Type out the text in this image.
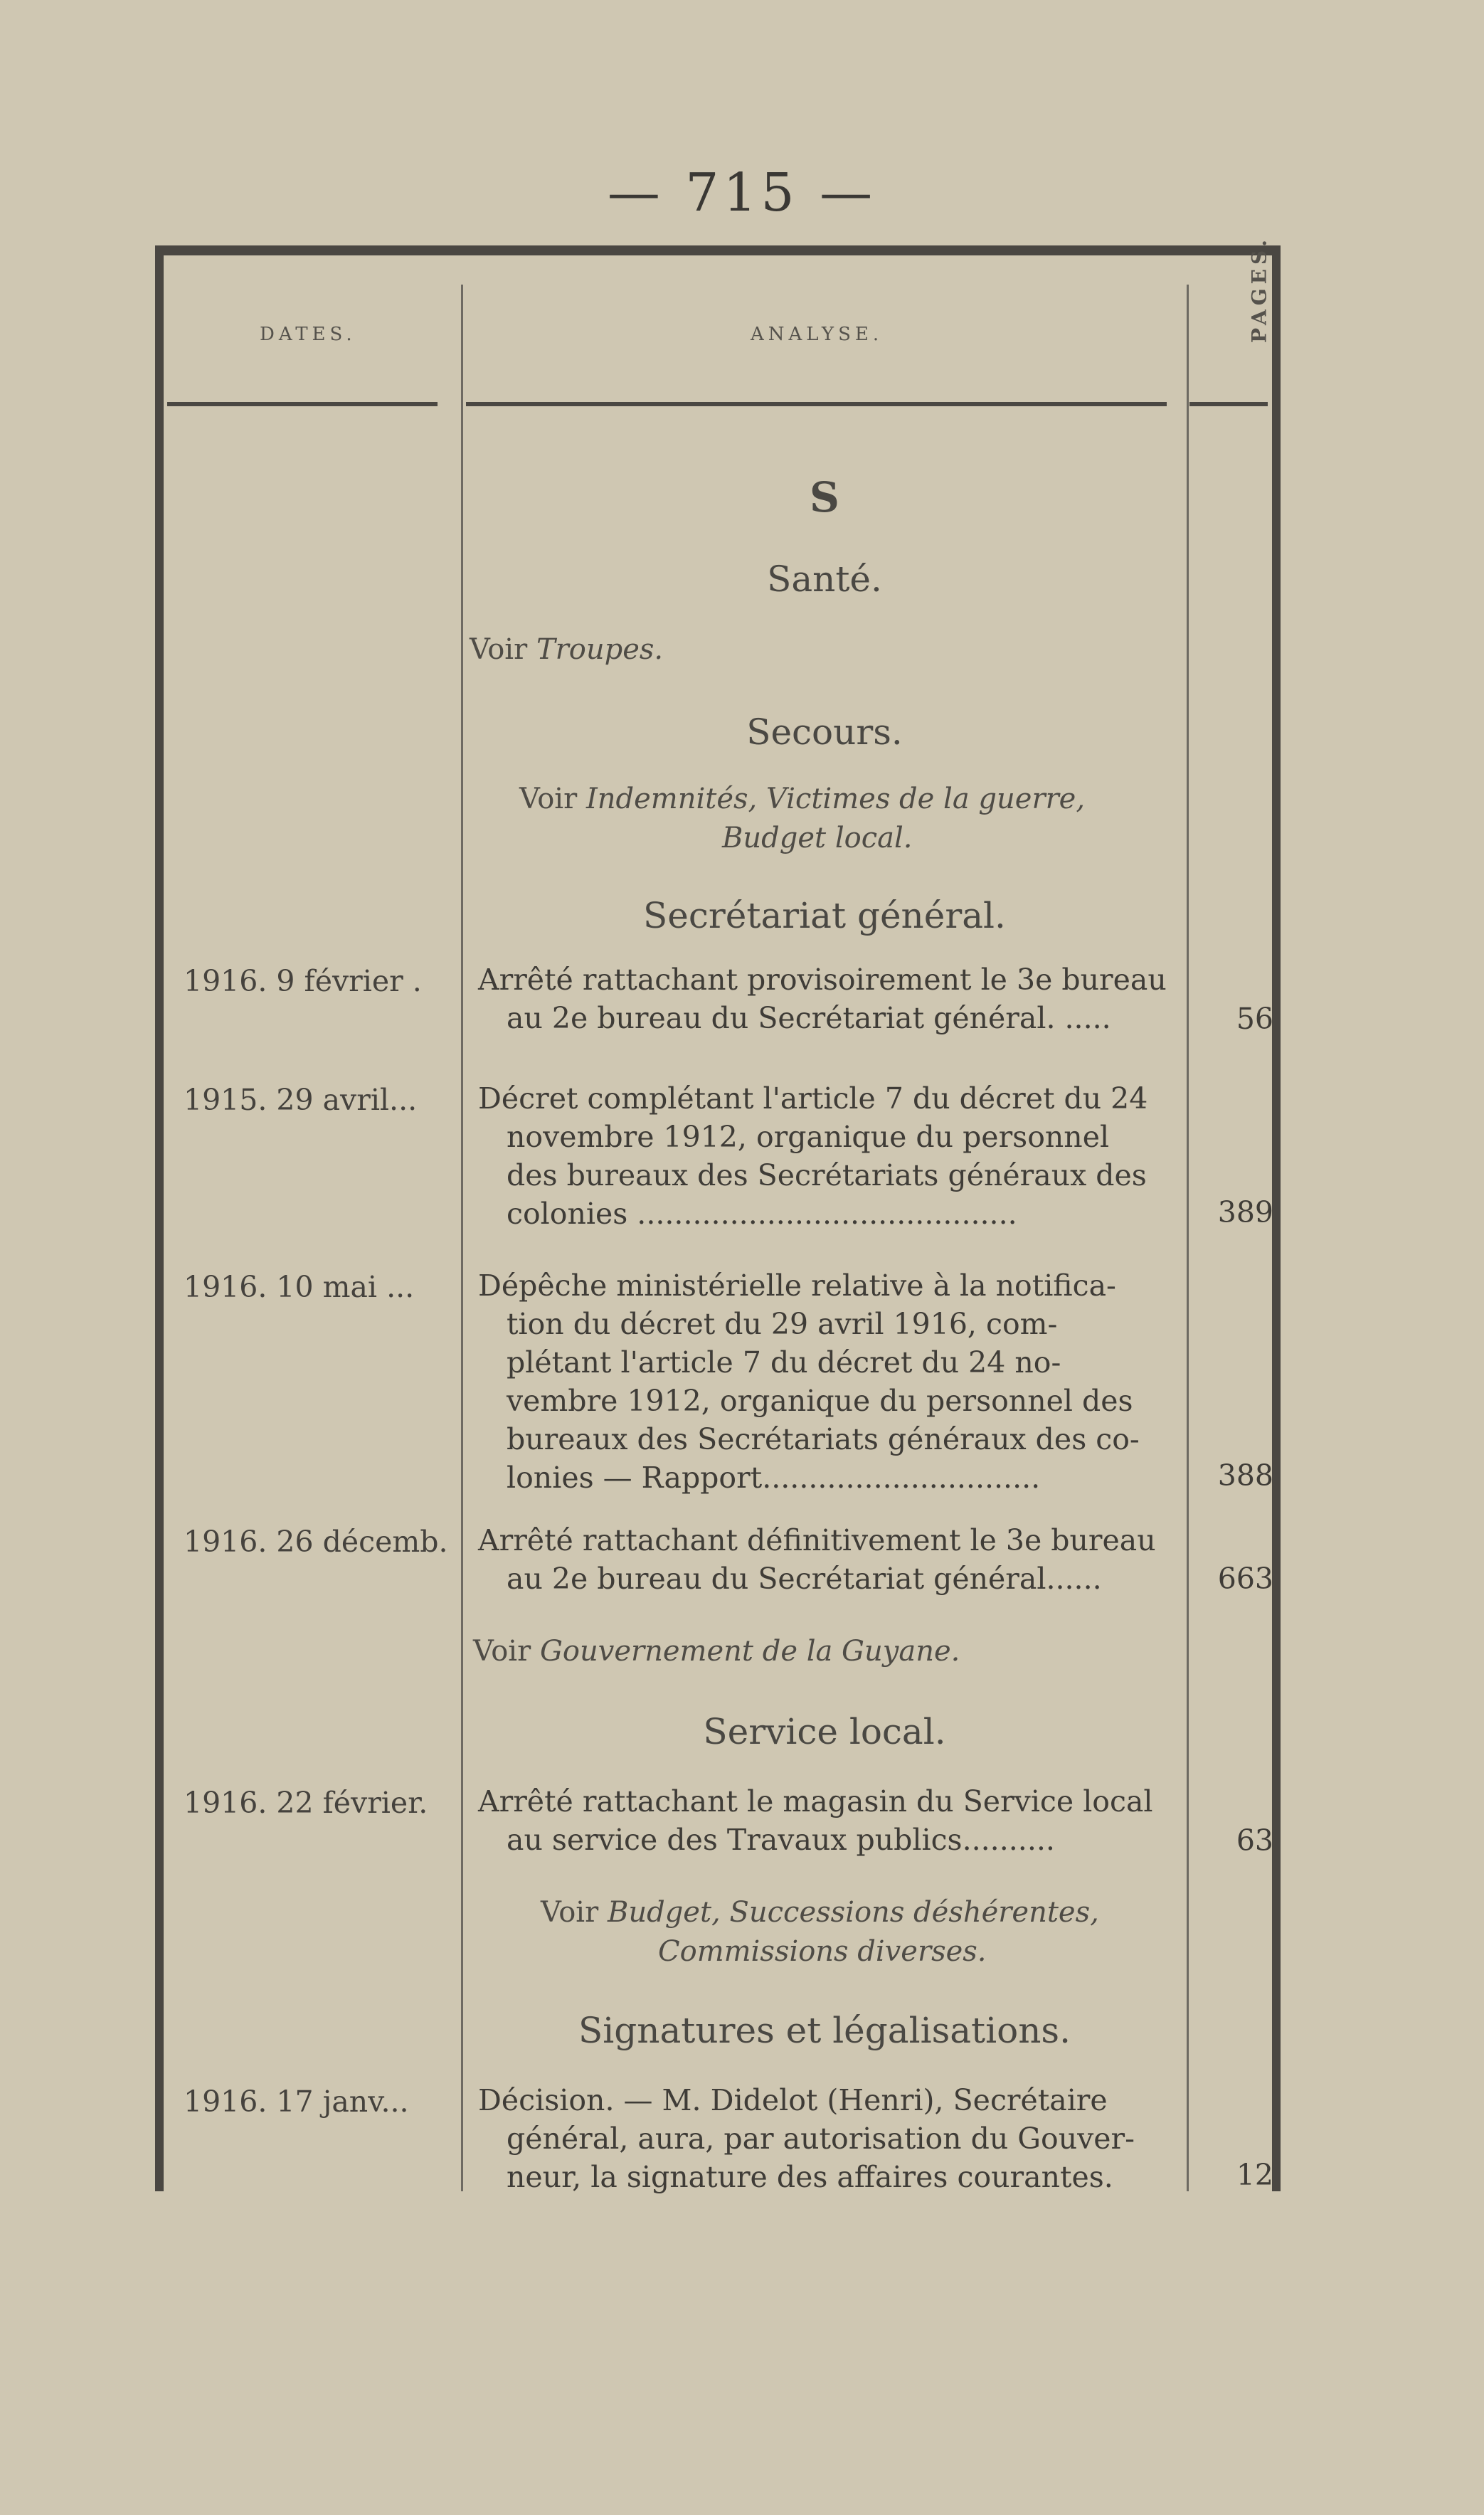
— 715 —
DATES.	ANALYSE.	PAGES.
S
Santé.
Voir Troupes.
Secours.
Voir Indemnités, Victimes de la guerre,
Budget local.
Secrétariat général.
1916. 9 février . Arrêté rattachant provisoirement le 3e bureau
au 2e bureau du Secrétariat général. .....	56
1915. 29 avril... Décret complétant l'article 7 du décret du 24
novembre 1912, organique du personnel
des bureaux des Secrétariats généraux des
colonies .........................................	389
1916. 10 mai ... Dépêche ministérielle relative à la notifica-
tion du décret du 29 avril 1916, com-
plétant l'article 7 du décret du 24 no-
vembre 1912, organique du personnel des
bureaux des Secrétariats généraux des co-
lonies — Rapport..............................	388
1916. 26 décemb. Arrêté rattachant définitivement le 3e bureau
au 2e bureau du Secrétariat général......	663
Voir Gouvernement de la Guyane.
Service local.
1916. 22 février. Arrêté rattachant le magasin du Service local
au service des Travaux publics..........	63
Voir Budget, Successions déshérentes,
Commissions diverses.
Signatures et légalisations.
1916. 17 janv... Décision. — M. Didelot (Henri), Secrétaire
général, aura, par autorisation du Gouver-
neur, la signature des affaires courantes.	12
